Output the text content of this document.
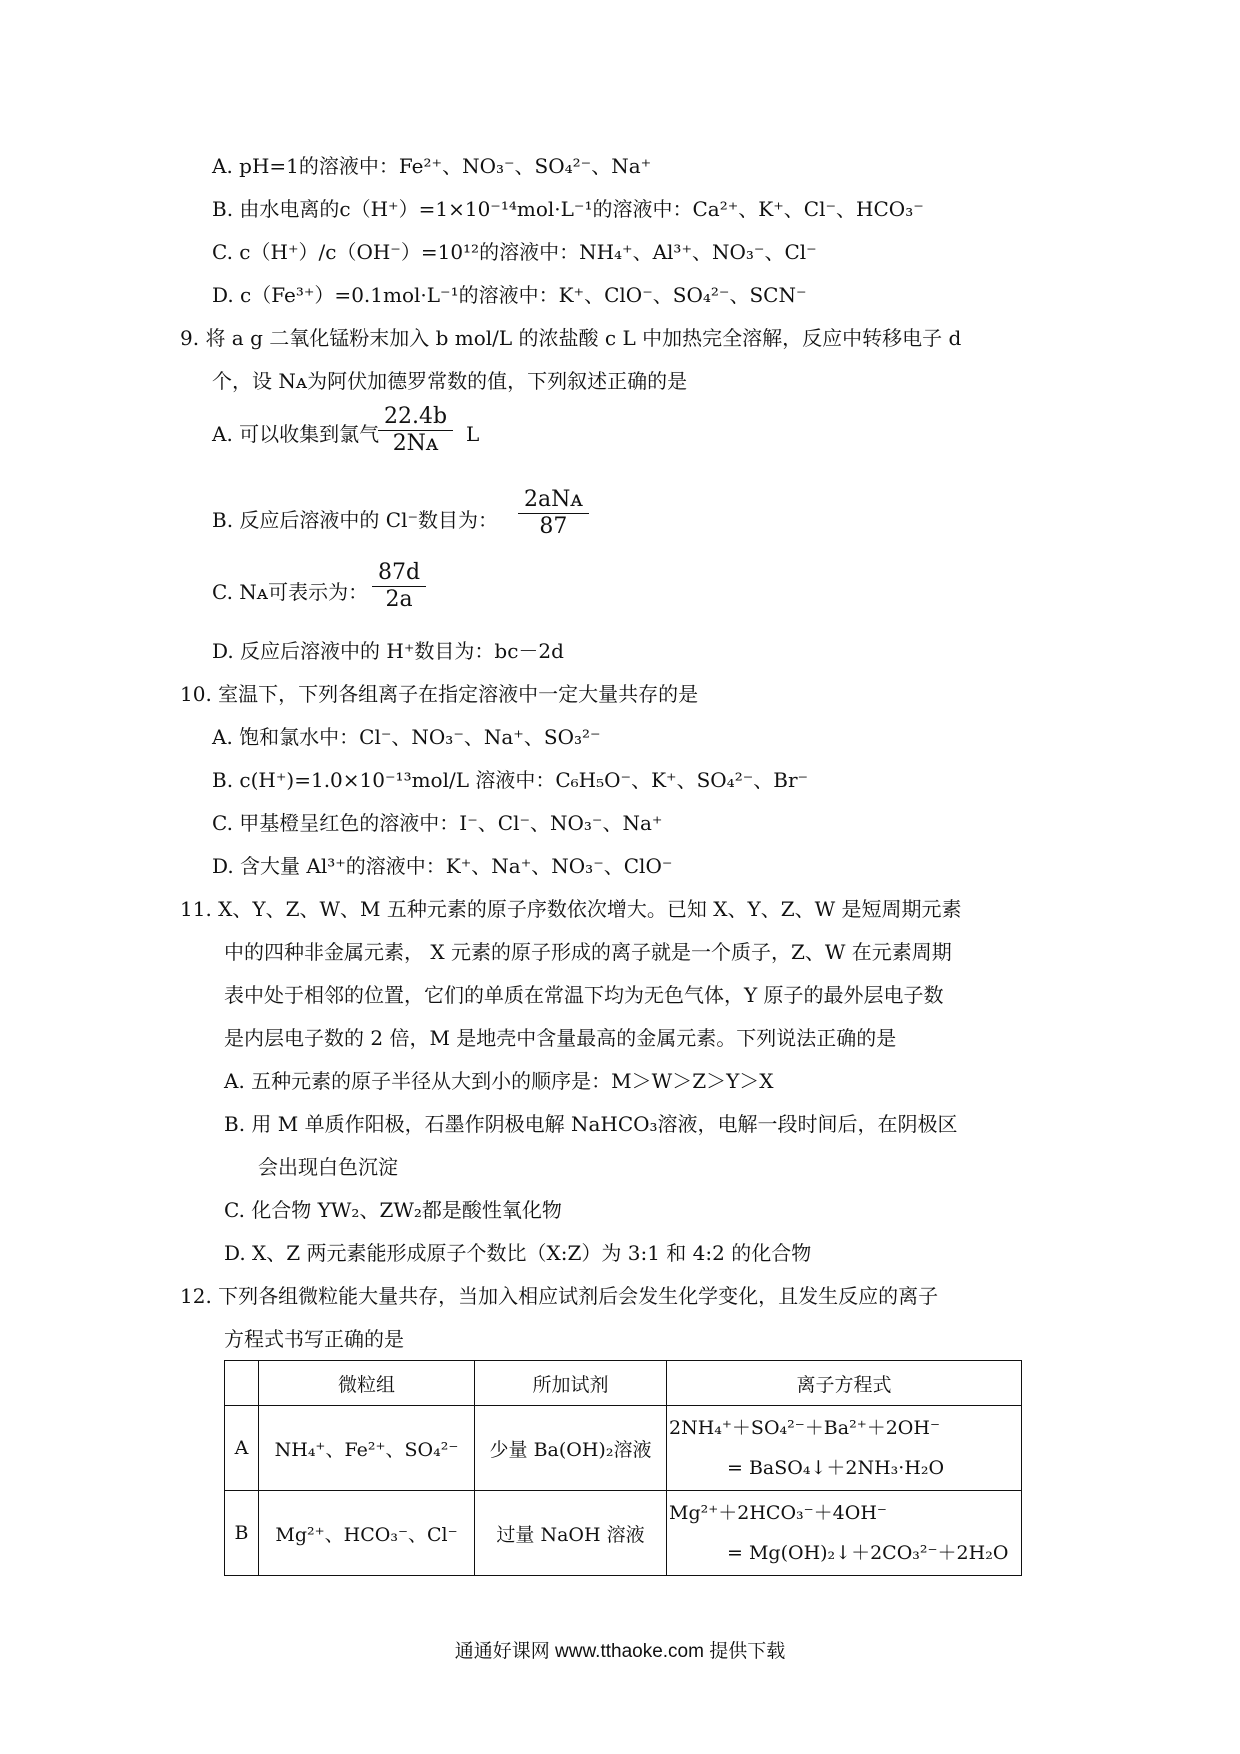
A. pH=1的溶液中：Fe²⁺、NO₃⁻、SO₄²⁻、Na⁺
B. 由水电离的c（H⁺）=1×10⁻¹⁴mol·L⁻¹的溶液中：Ca²⁺、K⁺、Cl⁻、HCO₃⁻
C. c（H⁺）/c（OH⁻）=10¹²的溶液中：NH₄⁺、Al³⁺、NO₃⁻、Cl⁻
D. c（Fe³⁺）=0.1mol·L⁻¹的溶液中：K⁺、ClO⁻、SO₄²⁻、SCN⁻
9. 将 a g 二氧化锰粉末加入 b mol/L 的浓盐酸 c L 中加热完全溶解，反应中转移电子 d
个，设 Nᴀ为阿伏加德罗常数的值，下列叙述正确的是
A. 可以收集到氯气
22.4b
2Nᴀ	L
B. 反应后溶液中的 Cl⁻数目为：
2aNᴀ
87
C. Nᴀ可表示为：
87d
2a
D. 反应后溶液中的 H⁺数目为：bc－2d
10. 室温下，下列各组离子在指定溶液中一定大量共存的是
A. 饱和氯水中：Cl⁻、NO₃⁻、Na⁺、SO₃²⁻
B. c(H⁺)=1.0×10⁻¹³mol/L 溶液中：C₆H₅O⁻、K⁺、SO₄²⁻、Br⁻
C. 甲基橙呈红色的溶液中：I⁻、Cl⁻、NO₃⁻、Na⁺
D. 含大量 Al³⁺的溶液中：K⁺、Na⁺、NO₃⁻、ClO⁻
11. X、Y、Z、W、M 五种元素的原子序数依次增大。已知 X、Y、Z、W 是短周期元素
中的四种非金属元素， X 元素的原子形成的离子就是一个质子，Z、W 在元素周期
表中处于相邻的位置，它们的单质在常温下均为无色气体，Y 原子的最外层电子数
是内层电子数的 2 倍，M 是地壳中含量最高的金属元素。下列说法正确的是
A. 五种元素的原子半径从大到小的顺序是：M＞W＞Z＞Y＞X
B. 用 M 单质作阳极，石墨作阴极电解 NaHCO₃溶液，电解一段时间后，在阴极区
会出现白色沉淀
C. 化合物 YW₂、ZW₂都是酸性氧化物
D. X、Z 两元素能形成原子个数比（X:Z）为 3:1 和 4:2 的化合物
12. 下列各组微粒能大量共存，当加入相应试剂后会发生化学变化，且发生反应的离子
方程式书写正确的是
	微粒组	所加试剂	离子方程式
A	NH₄⁺、Fe²⁺、SO₄²⁻	少量 Ba(OH)₂溶液	2NH₄⁺＋SO₄²⁻＋Ba²⁺＋2OH⁻
= BaSO₄↓＋2NH₃·H₂O

B	Mg²⁺、HCO₃⁻、Cl⁻	过量 NaOH 溶液	Mg²⁺＋2HCO₃⁻＋4OH⁻
= Mg(OH)₂↓＋2CO₃²⁻＋2H₂O
通通好课网 www.tthaoke.com 提供下载
